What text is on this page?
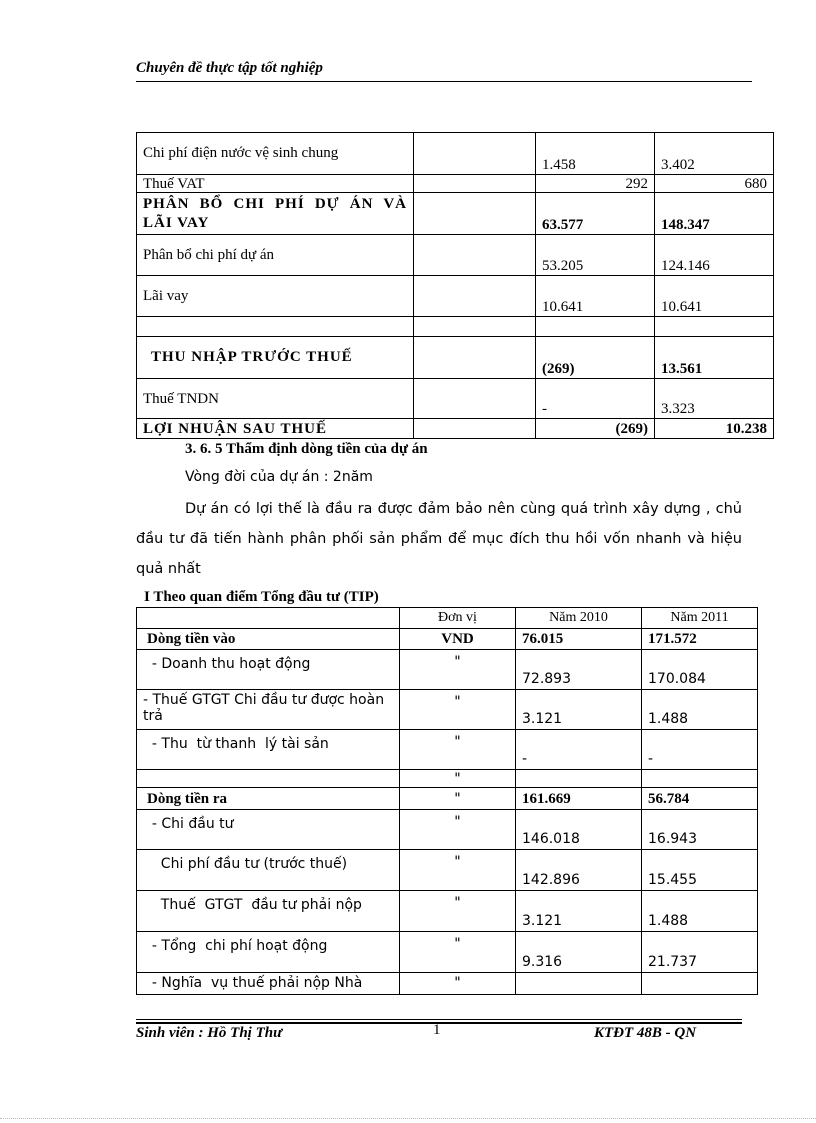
Chuyên đề thực tập tốt nghiệp
Chi phí điện nước vệ sinh chung		1.458	3.402
Thuế VAT		292	680
PHÂN BỔ CHI PHÍ DỰ ÁN VÀ LÃI VAY		63.577	148.347
Phân bổ chi phí dự án		53.205	124.146
Lãi vay		10.641	10.641

THU NHẬP TRƯỚC THUẾ		(269)	13.561
Thuế TNDN		-	3.323
LỢI NHUẬN SAU THUẾ		(269)	10.238
3. 6. 5 Thẩm định dòng tiền của dự án
Vòng đời của dự án : 2năm
Dự án có lợi thế là đầu ra được đảm bảo nên cùng quá trình xây dựng , chủ đầu tư đã tiến hành phân phối sản phẩm để mục đích thu hồi vốn nhanh và hiệu quả nhất
I Theo quan điểm Tổng đầu tư (TIP)
	Đơn vị	Năm 2010	Năm 2011
Dòng tiền vào	VND	76.015	171.572
- Doanh thu hoạt động	"	72.893	170.084
- Thuế GTGT Chi đầu tư được hoàn trả	"	3.121	1.488
- Thu  từ thanh  lý tài sản	"	-	-
	"		
Dòng tiền ra	"	161.669	56.784
- Chi đầu tư	"	146.018	16.943
Chi phí đầu tư (trước thuế)	"	142.896	15.455
Thuế  GTGT  đầu tư phải nộp	"	3.121	1.488
- Tổng  chi phí hoạt động	"	9.316	21.737
- Nghĩa  vụ thuế phải nộp Nhà	"		
Sinh viên : Hồ Thị Thư	1	KTĐT 48B - QN
